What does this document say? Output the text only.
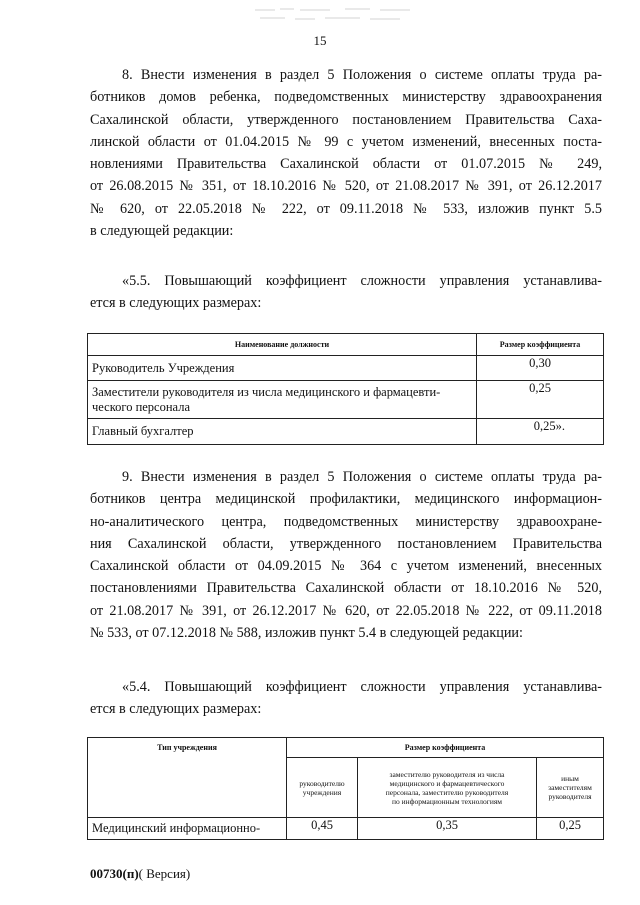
15

8. Внести изменения в раздел 5 Положения о системе оплаты труда ра-
ботников домов ребенка, подведомственных министерству здравоохранения
Сахалинской области, утвержденного постановлением Правительства Саха-
линской области от 01.04.2015 № 99 с учетом изменений, внесенных поста-
новлениями Правительства Сахалинской области от 01.07.2015 № 249,
от 26.08.2015 № 351, от 18.10.2016 № 520, от 21.08.2017 № 391, от 26.12.2017
№ 620, от 22.05.2018 № 222, от 09.11.2018 № 533, изложив пункт 5.5
в следующей редакции:

«5.5. Повышающий коэффициент сложности управления устанавлива-
ется в следующих размерах:

Наименование должности	Размер коэффициента
Руководитель Учреждения	0,30

Заместители руководителя из числа медицинского и фармацевти-
ческого персонала	0,25
Главный бухгалтер	0,25».

9. Внести изменения в раздел 5 Положения о системе оплаты труда ра-
ботников центра медицинской профилактики, медицинского информацион-
но-аналитического центра, подведомственных министерству здравоохране-
ния Сахалинской области, утвержденного постановлением Правительства
Сахалинской области от 04.09.2015 № 364 с учетом изменений, внесенных
постановлениями Правительства Сахалинской области от 18.10.2016 № 520,
от 21.08.2017 № 391, от 26.12.2017 № 620, от 22.05.2018 № 222, от 09.11.2018
№ 533, от 07.12.2018 № 588, изложив пункт 5.4 в следующей редакции:

«5.4. Повышающий коэффициент сложности управления устанавлива-
ется в следующих размерах:

Тип учреждения	Размер коэффициента		

	руководителю
учреждения	заместителю руководителя из числа
медицинского и фармацевтического
персонала, заместителю руководителя
по информационным технологиям	иным
заместителям
руководителя

Медицинский информационно-	0,45	0,35	0,25
00730(п)( Версия)
